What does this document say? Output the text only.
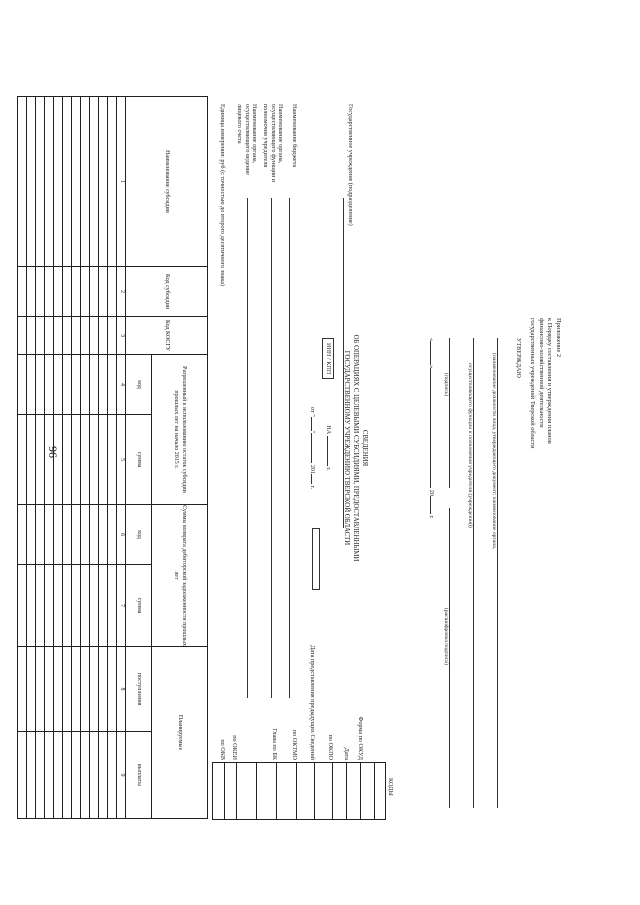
96
Приложение 2
к Порядку составления и утверждения планов
финансово-хозяйственной деятельности
государственных учреждений Тверской области
УТВЕРЖДАЮ
(наименование должности лица, утверждающего документ; наименование органа,
осуществляющего функции и полномочия учредителя (учреждения))
(подпись)
(расшифровка подписи)
«» 20 г.
СВЕДЕНИЯ
ОБ ОПЕРАЦИЯХ С ЦЕЛЕВЫМИ СУБСИДИЯМИ, ПРЕДОСТАВЛЕННЫМИ
ГОСУДАРСТВЕННОМУ УЧРЕЖДЕНИЮ ТВЕРСКОЙ ОБЛАСТИ
НА  г.
от "" 201 г.
КОДЫ
Форма по ОКУД
Дата
по ОКПО
Дата представления предыдущих Сведений
по ОКТМО
Глава по БК
по ОКЕИ
по ОКВ
Государственное учреждение (подразделение)
ИНН / КПП
Наименование бюджета
Наименование органа, осуществляющего функции и полномочия учредителя
Наименование органа, осуществляющего ведение лицевого счета
Единица измерения: руб (с точностью до второго десятичного знака)
Наименование субсидии	Код субсидии	Код КОСГУ	Разрешенный к использованию остаток субсидии прошлых лет на начало 2015 г.		Суммы возврата дебиторской задолженности прошлых лет		Планируемые	
			код	сумма	код	сумма	поступления	выплаты
1	2	3	4	5	6	7	8	9
